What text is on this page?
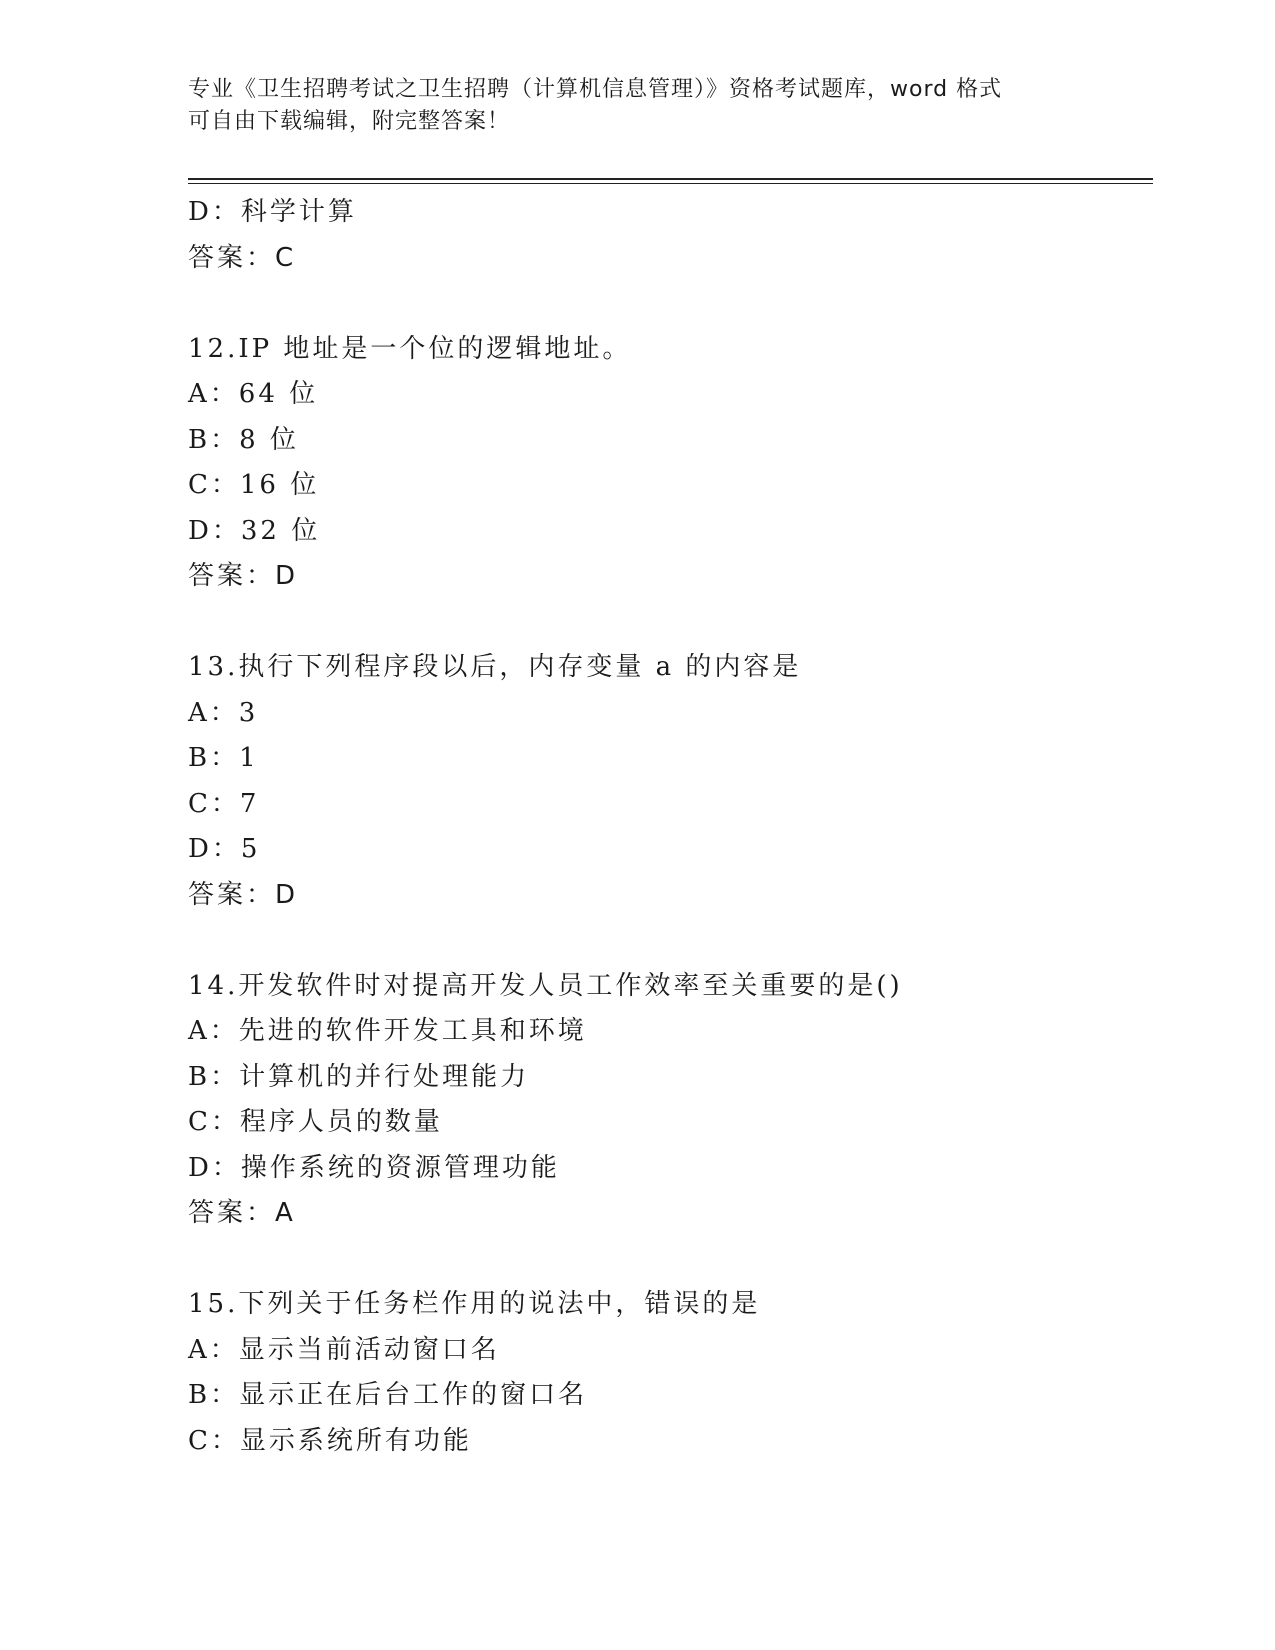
专业《卫生招聘考试之卫生招聘（计算机信息管理）》资格考试题库，word 格式
可自由下载编辑，附完整答案！
D：科学计算
答案：C
12.IP 地址是一个位的逻辑地址。
A：64 位
B：8 位
C：16 位
D：32 位
答案：D
13.执行下列程序段以后，内存变量 a 的内容是
A：3
B：1
C：7
D：5
答案：D
14.开发软件时对提高开发人员工作效率至关重要的是()
A：先进的软件开发工具和环境
B：计算机的并行处理能力
C：程序人员的数量
D：操作系统的资源管理功能
答案：A
15.下列关于任务栏作用的说法中，错误的是
A：显示当前活动窗口名
B：显示正在后台工作的窗口名
C：显示系统所有功能
